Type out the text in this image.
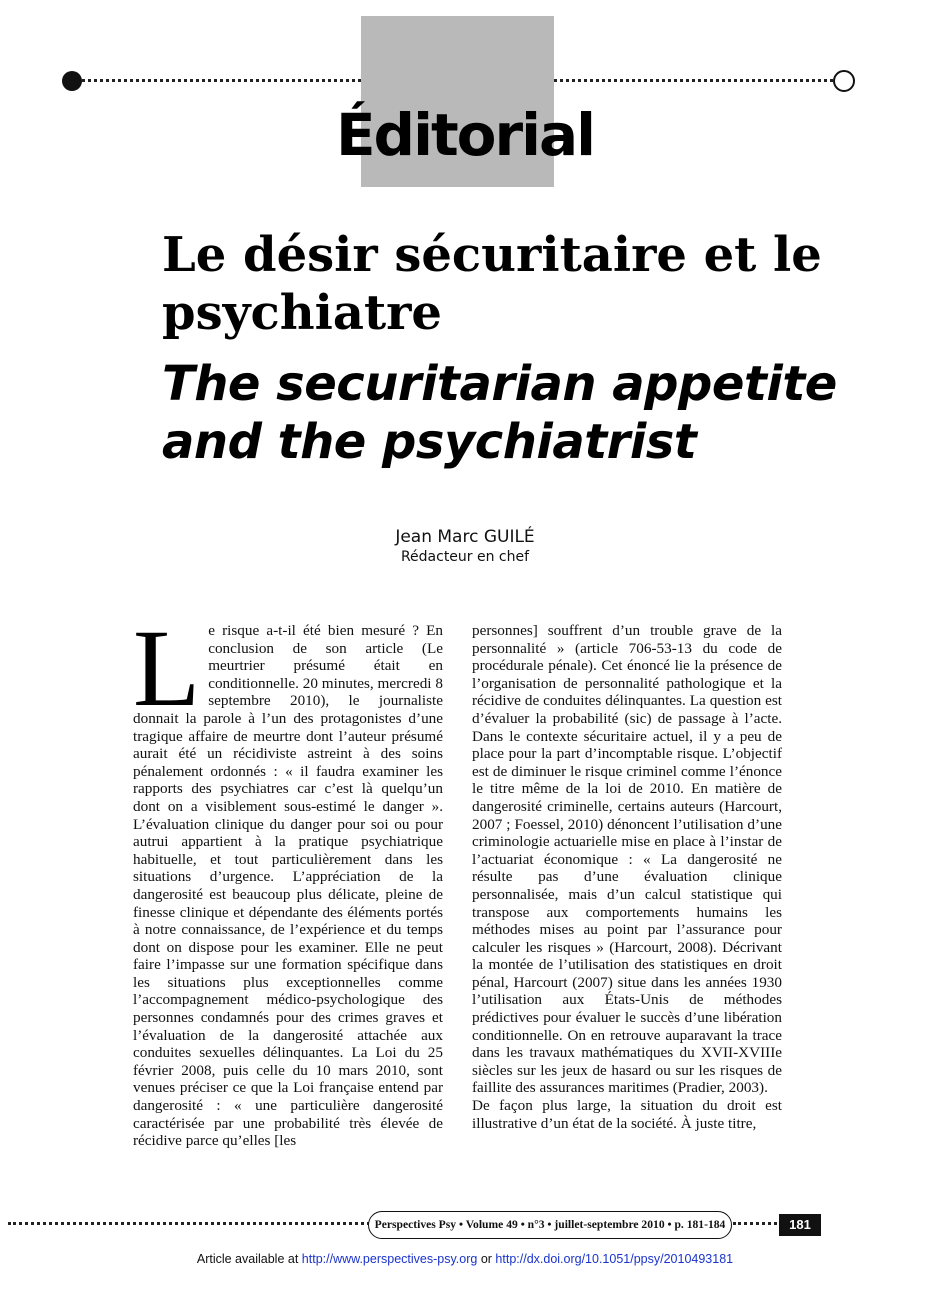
Éditorial
Le désir sécuritaire et le psychiatre
The securitarian appetite and the psychiatrist
Jean Marc GUILÉ
Rédacteur en chef
L e risque a-t-il été bien mesuré ? En conclusion de son article (Le meurtrier présumé était en conditionnelle. 20 minutes, mercredi 8 septembre 2010), le journaliste donnait la parole à l’un des protagonistes d’une tragique affaire de meurtre dont l’auteur présumé aurait été un récidiviste astreint à des soins pénalement ordonnés : « il faudra examiner les rapports des psychiatres car c’est là quelqu’un dont on a visiblement sous-estimé le danger ». L’évaluation clinique du danger pour soi ou pour autrui appartient à la pratique psychiatrique habituelle, et tout particulièrement dans les situations d’urgence. L’appréciation de la dangerosité est beaucoup plus délicate, pleine de finesse clinique et dépendante des éléments portés à notre connaissance, de l’expérience et du temps dont on dispose pour les examiner. Elle ne peut faire l’impasse sur une formation spécifique dans les situations plus exceptionnelles comme l’accompagnement médico-psychologique des personnes condamnés pour des crimes graves et l’évaluation de la dangerosité attachée aux conduites sexuelles délinquantes. La Loi du 25 février 2008, puis celle du 10 mars 2010, sont venues préciser ce que la Loi française entend par dangerosité : « une particulière dangerosité caractérisée par une probabilité très élevée de récidive parce qu’elles [les

personnes] souffrent d’un trouble grave de la personnalité » (article 706-53-13 du code de procédurale pénale). Cet énoncé lie la présence de l’organisation de personnalité pathologique et la récidive de conduites délinquantes. La question est d’évaluer la probabilité (sic) de passage à l’acte. Dans le contexte sécuritaire actuel, il y a peu de place pour la part d’incomptable risque. L’objectif est de diminuer le risque criminel comme l’énonce le titre même de la loi de 2010. En matière de dangerosité criminelle, certains auteurs (Harcourt, 2007 ; Foessel, 2010) dénoncent l’utilisation d’une criminologie actuarielle mise en place à l’instar de l’actuariat économique : « La dangerosité ne résulte pas d’une évaluation clinique personnalisée, mais d’un calcul statistique qui transpose aux comportements humains les méthodes mises au point par l’assurance pour calculer les risques » (Harcourt, 2008). Décrivant la montée de l’utilisation des statistiques en droit pénal, Harcourt (2007) situe dans les années 1930 l’utilisation aux États-Unis de méthodes prédictives pour évaluer le succès d’une libération conditionnelle. On en retrouve auparavant la trace dans les travaux mathématiques du XVII-XVIIIe siècles sur les jeux de hasard ou sur les risques de faillite des assurances maritimes (Pradier, 2003).

De façon plus large, la situation du droit est illustrative d’un état de la société. À juste titre,

Perspectives Psy • Volume 49 • n°3 • juillet-septembre 2010 • p. 181-184	181
Article available at http://www.perspectives-psy.org or http://dx.doi.org/10.1051/ppsy/2010493181
